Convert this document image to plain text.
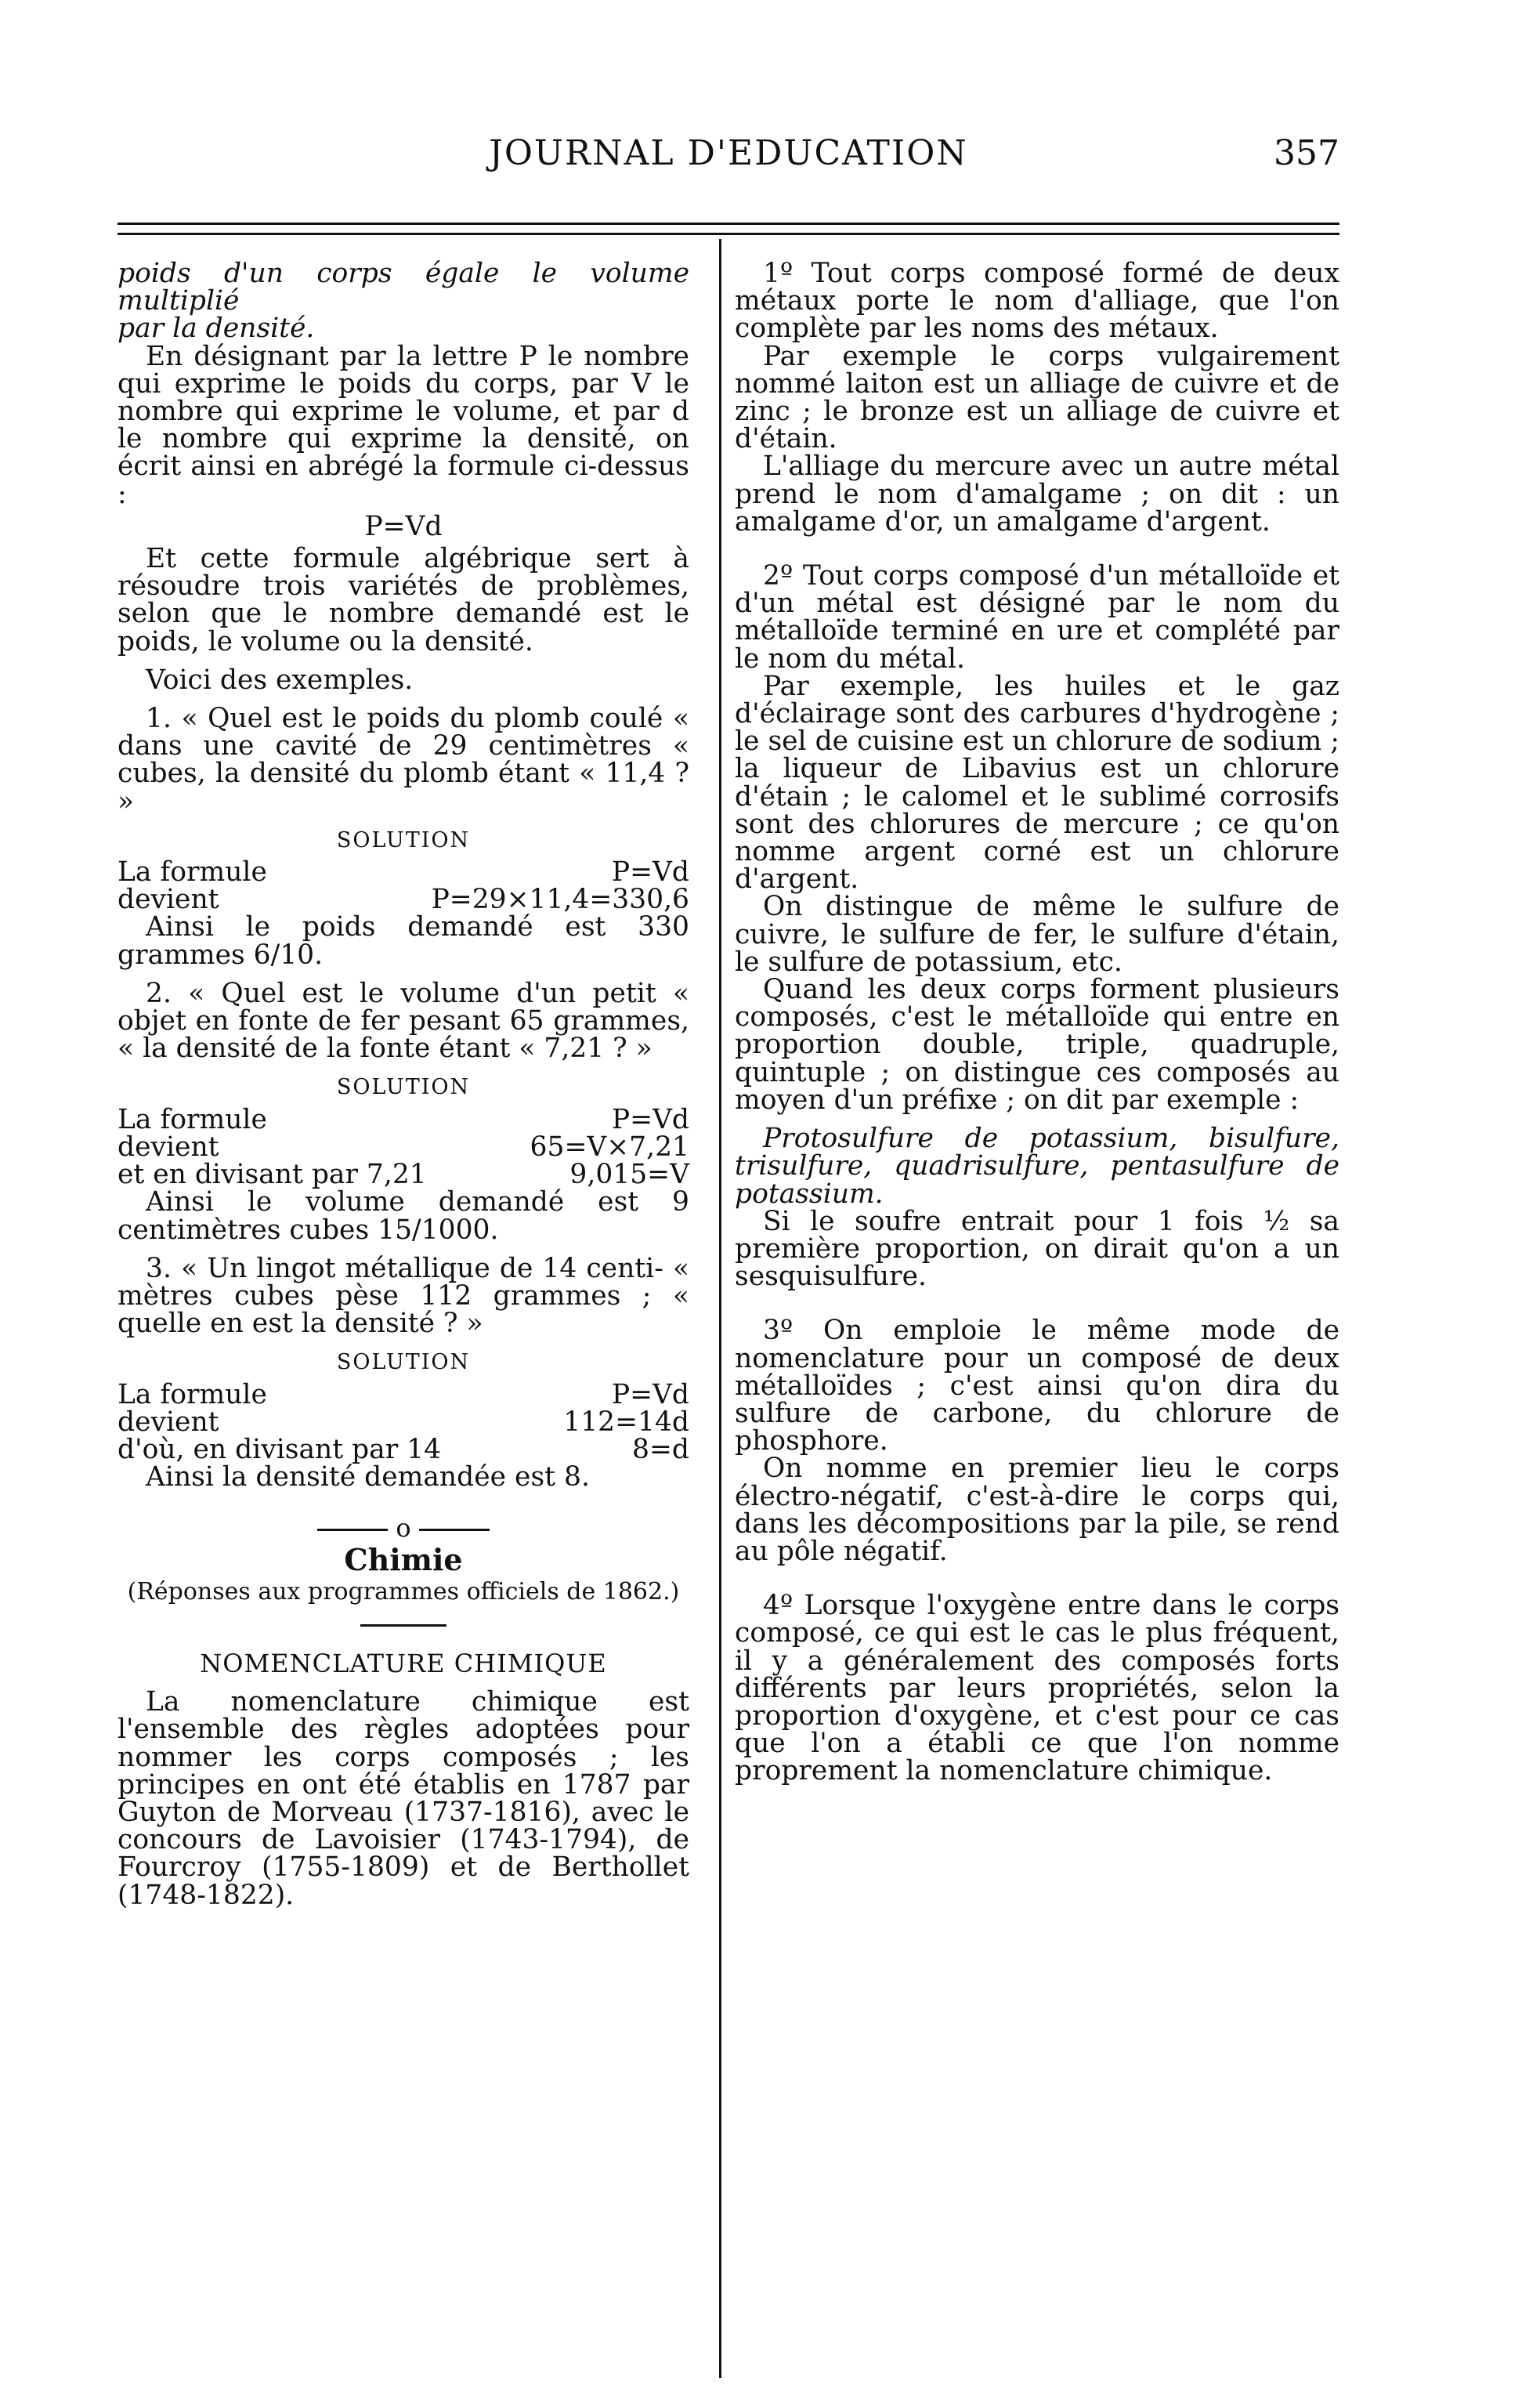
JOURNAL D'EDUCATION	357

poids d'un corps égale le volume multiplié

par la densité.

En désignant par la lettre P le nombre qui exprime le poids du corps, par V le nombre qui exprime le volume, et par d le nombre qui exprime la densité, on écrit ainsi en abrégé la formule ci-dessus :

P=Vd

Et cette formule algébrique sert à résoudre trois variétés de problèmes, selon que le nombre demandé est le poids, le volume ou la densité.

Voici des exemples.

1. « Quel est le poids du plomb coulé « dans une cavité de 29 centimètres « cubes, la densité du plomb étant « 11,4 ? »

SOLUTION
La formule	P=Vd
devient	P=29×11,4=330,6

Ainsi le poids demandé est 330 grammes 6/10.

2. « Quel est le volume d'un petit « objet en fonte de fer pesant 65 grammes, « la densité de la fonte étant « 7,21 ? »

SOLUTION
La formule	P=Vd
devient	65=V×7,21
et en divisant par 7,21	9,015=V

Ainsi le volume demandé est 9 centimètres cubes 15/1000.

3. « Un lingot métallique de 14 centi- « mètres cubes pèse 112 grammes ; « quelle en est la densité ? »

SOLUTION
La formule	P=Vd
devient	112=14d
d'où, en divisant par 14	8=d

Ainsi la densité demandée est 8.

o
Chimie
(Réponses aux programmes officiels de 1862.)
NOMENCLATURE CHIMIQUE

La nomenclature chimique est l'ensemble des règles adoptées pour nommer les corps composés ; les principes en ont été établis en 1787 par Guyton de Morveau (1737-1816), avec le concours de Lavoisier (1743-1794), de Fourcroy (1755-1809) et de Berthollet (1748-1822).

1º Tout corps composé formé de deux métaux porte le nom d'alliage, que l'on complète par les noms des métaux.

Par exemple le corps vulgairement nommé laiton est un alliage de cuivre et de zinc ; le bronze est un alliage de cuivre et d'étain.

L'alliage du mercure avec un autre métal prend le nom d'amalgame ; on dit : un amalgame d'or, un amalgame d'argent.

2º Tout corps composé d'un métalloïde et d'un métal est désigné par le nom du métalloïde terminé en ure et complété par le nom du métal.

Par exemple, les huiles et le gaz d'éclairage sont des carbures d'hydrogène ; le sel de cuisine est un chlorure de sodium ; la liqueur de Libavius est un chlorure d'étain ; le calomel et le sublimé corrosifs sont des chlorures de mercure ; ce qu'on nomme argent corné est un chlorure d'argent.

On distingue de même le sulfure de cuivre, le sulfure de fer, le sulfure d'étain, le sulfure de potassium, etc.

Quand les deux corps forment plusieurs composés, c'est le métalloïde qui entre en proportion double, triple, quadruple, quintuple ; on distingue ces composés au moyen d'un préfixe ; on dit par exemple :

Protosulfure de potassium, bisulfure, trisulfure, quadrisulfure, pentasulfure de potassium.

Si le soufre entrait pour 1 fois ½ sa première proportion, on dirait qu'on a un sesquisulfure.

3º On emploie le même mode de nomenclature pour un composé de deux métalloïdes ; c'est ainsi qu'on dira du sulfure de carbone, du chlorure de phosphore.

On nomme en premier lieu le corps électro-négatif, c'est-à-dire le corps qui, dans les décompositions par la pile, se rend au pôle négatif.

4º Lorsque l'oxygène entre dans le corps composé, ce qui est le cas le plus fréquent, il y a généralement des composés forts différents par leurs propriétés, selon la proportion d'oxygène, et c'est pour ce cas que l'on a établi ce que l'on nomme proprement la nomenclature chimique.
